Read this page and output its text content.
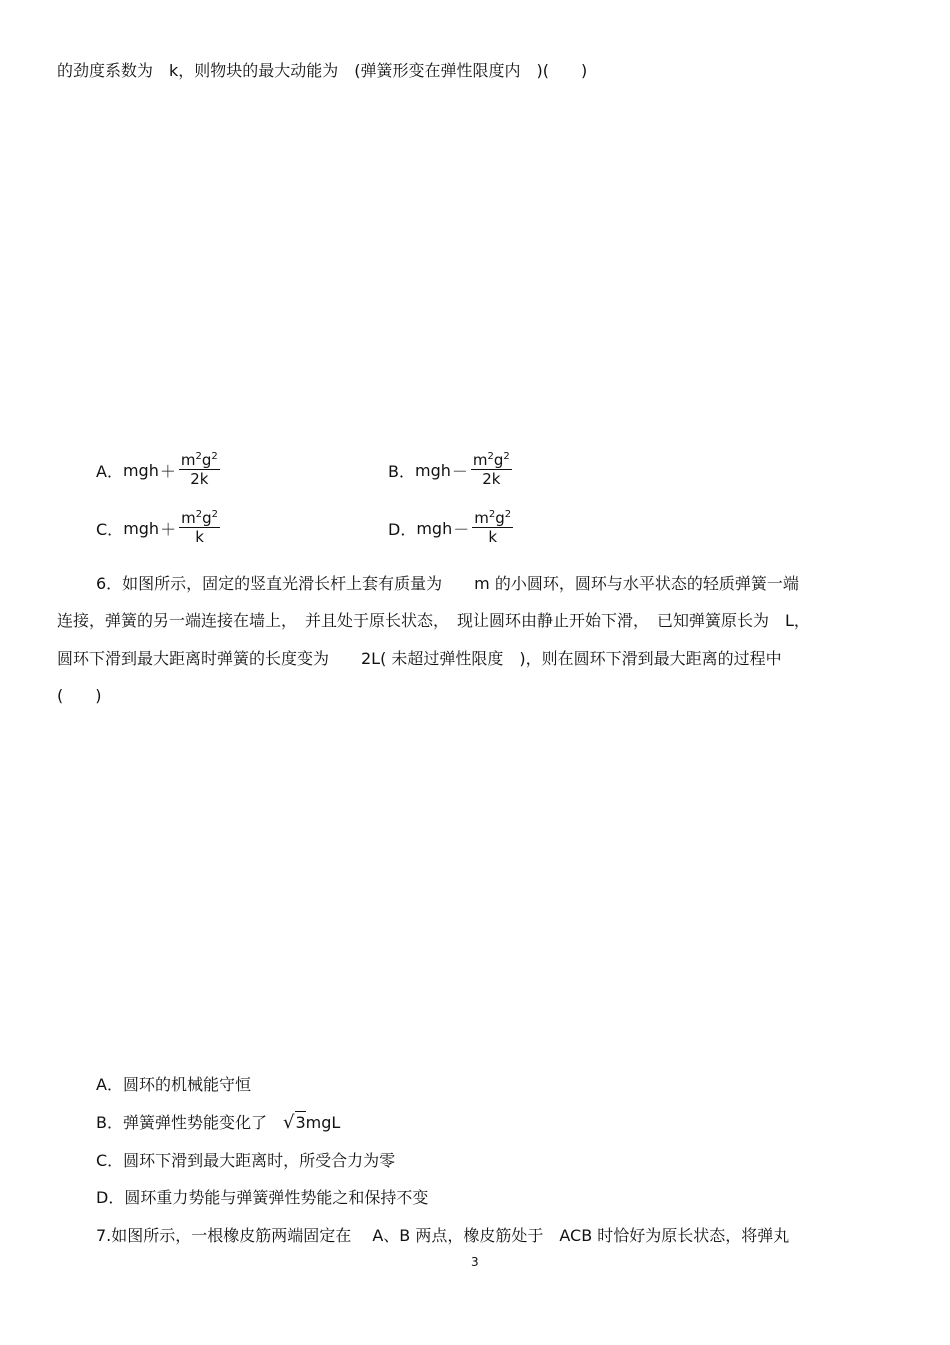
的劲度系数为　k，则物块的最大动能为　(弹簧形变在弹性限度内　)(　　)
A． mgh ＋ $\frac{m^2g^2}{2k}$	B． mgh － $\frac{m^2g^2}{2k}$
C． mgh ＋ $\frac{m^2g^2}{k}$	D． mgh － $\frac{m^2g^2}{k}$
6．如图所示，固定的竖直光滑长杆上套有质量为　　m 的小圆环，圆环与水平状态的轻质弹簧一端
连接，弹簧的另一端连接在墙上，　并且处于原长状态，　现让圆环由静止开始下滑，　已知弹簧原长为　L，
圆环下滑到最大距离时弹簧的长度变为　　2L( 未超过弹性限度　)，则在圆环下滑到最大距离的过程中
(　　)
A．圆环的机械能守恒
B．弹簧弹性势能变化了　√3mgL
C．圆环下滑到最大距离时，所受合力为零
D．圆环重力势能与弹簧弹性势能之和保持不变
7.如图所示，一根橡皮筋两端固定在　 A、B 两点，橡皮筋处于　ACB 时恰好为原长状态，将弹丸
3
